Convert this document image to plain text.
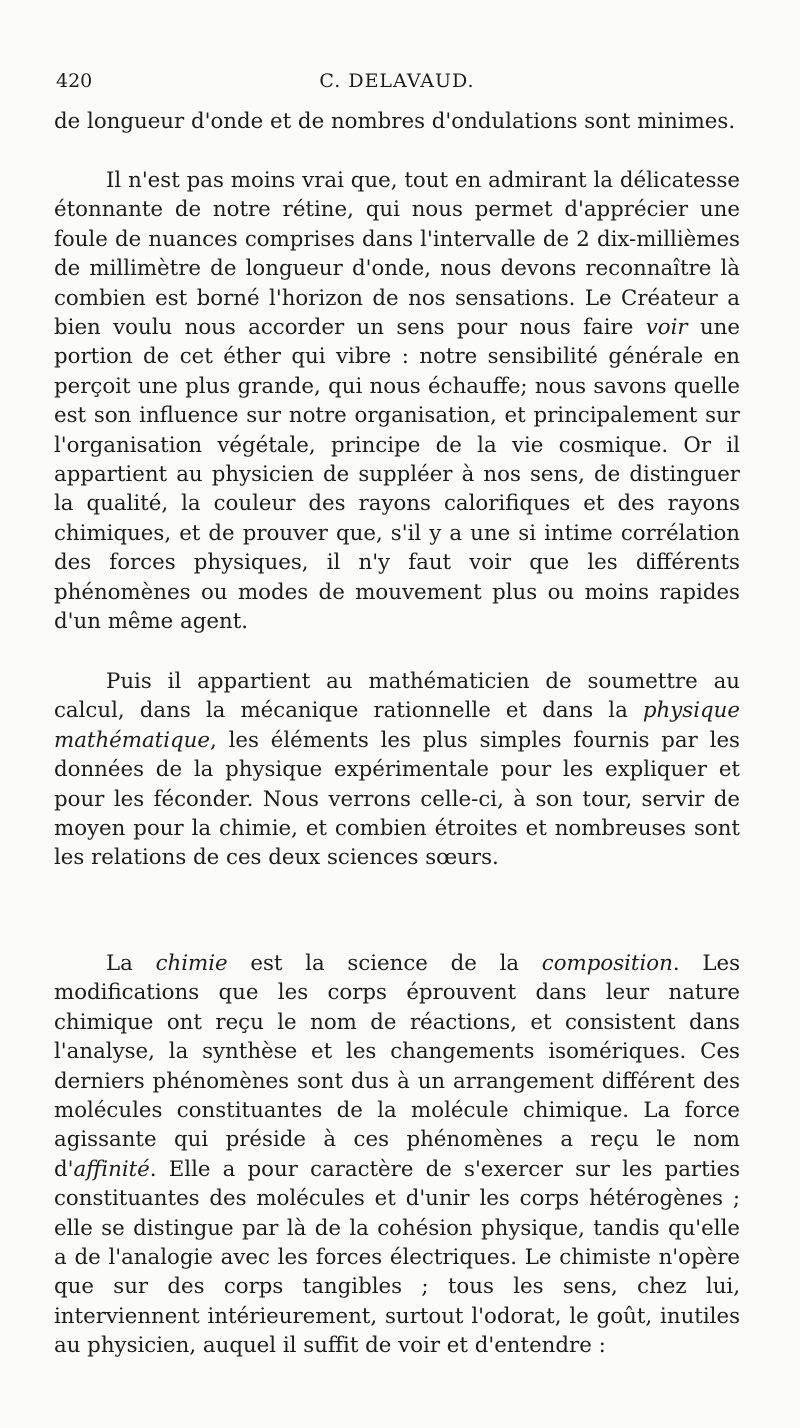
420	C. DELAVAUD.

de longueur d'onde et de nombres d'ondulations sont minimes.

Il n'est pas moins vrai que, tout en admirant la délicatesse étonnante de notre rétine, qui nous permet d'apprécier une foule de nuances comprises dans l'intervalle de 2 dix-millièmes de millimètre de longueur d'onde, nous devons reconnaître là combien est borné l'horizon de nos sensations. Le Créateur a bien voulu nous accorder un sens pour nous faire voir une portion de cet éther qui vibre : notre sensibilité générale en perçoit une plus grande, qui nous échauffe; nous savons quelle est son influence sur notre organisation, et principalement sur l'organisation végétale, principe de la vie cosmique. Or il appartient au physicien de suppléer à nos sens, de distinguer la qualité, la couleur des rayons calorifiques et des rayons chimiques, et de prouver que, s'il y a une si intime corrélation des forces physiques, il n'y faut voir que les différents phénomènes ou modes de mouvement plus ou moins rapides d'un même agent.

Puis il appartient au mathématicien de soumettre au calcul, dans la mécanique rationnelle et dans la physique mathématique, les éléments les plus simples fournis par les données de la physique expérimentale pour les expliquer et pour les féconder. Nous verrons celle-ci, à son tour, servir de moyen pour la chimie, et combien étroites et nombreuses sont les relations de ces deux sciences sœurs.

La chimie est la science de la composition. Les modifications que les corps éprouvent dans leur nature chimique ont reçu le nom de réactions, et consistent dans l'analyse, la synthèse et les changements isomériques. Ces derniers phénomènes sont dus à un arrangement différent des molécules constituantes de la molécule chimique. La force agissante qui préside à ces phénomènes a reçu le nom d'affinité. Elle a pour caractère de s'exercer sur les parties constituantes des molécules et d'unir les corps hétérogènes ; elle se distingue par là de la cohésion physique, tandis qu'elle a de l'analogie avec les forces électriques. Le chimiste n'opère que sur des corps tangibles ; tous les sens, chez lui, interviennent intérieurement, surtout l'odorat, le goût, inutiles au physicien, auquel il suffit de voir et d'entendre :
